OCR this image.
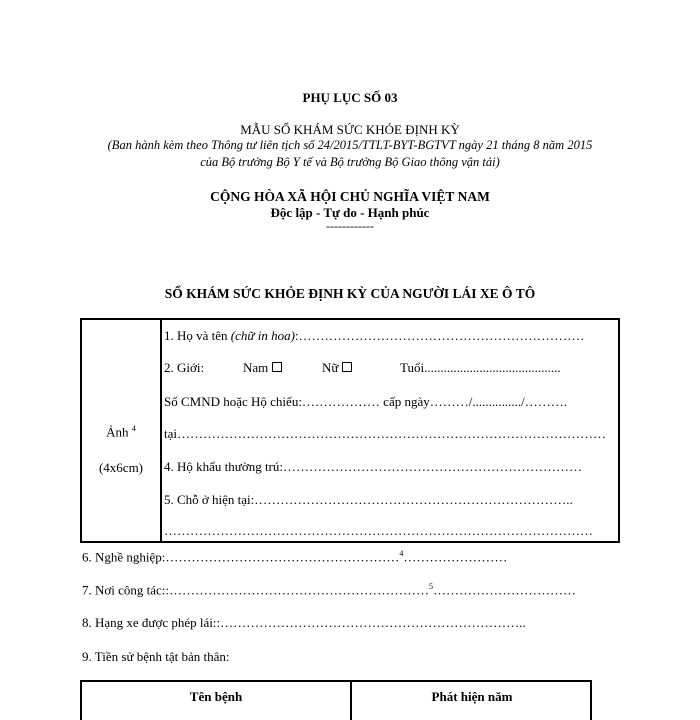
PHỤ LỤC SỐ 03
MẪU SỔ KHÁM SỨC KHỎE ĐỊNH KỲ
(Ban hành kèm theo Thông tư liên tịch số 24/2015/TTLT-BYT-BGTVT ngày 21 tháng 8 năm 2015
của Bộ trưởng Bộ Y tế và Bộ trưởng Bộ Giao thông vận tải)
CỘNG HÒA XÃ HỘI CHỦ NGHĨA VIỆT NAM
Độc lập - Tự do - Hạnh phúc
------------
SỔ KHÁM SỨC KHỎE ĐỊNH KỲ CỦA NGƯỜI LÁI XE Ô TÔ
Ảnh $^4$
(4x6cm)
1. Họ và tên (chữ in hoa):…………………………………………………………
2. Giới:	Nam	Nữ	Tuổi..........................................
Số CMND hoặc Hộ chiếu:……………… cấp ngày………/.............../……….
tại………………………………………………………………………………………
4. Hộ khẩu thường trú:……………………………………………………………
5. Chỗ ở hiện tại:………………………………………………………………..
………………………………………………………………………………………
6. Nghề nghiệp:………………………………………………$^4$……………………
7. Nơi công tác::……………………………………………………$^5$……………………………
8. Hạng xe được phép lái::……………………………………………………………..
9. Tiền sử bệnh tật bản thân:
Tên bệnh	Phát hiện năm
